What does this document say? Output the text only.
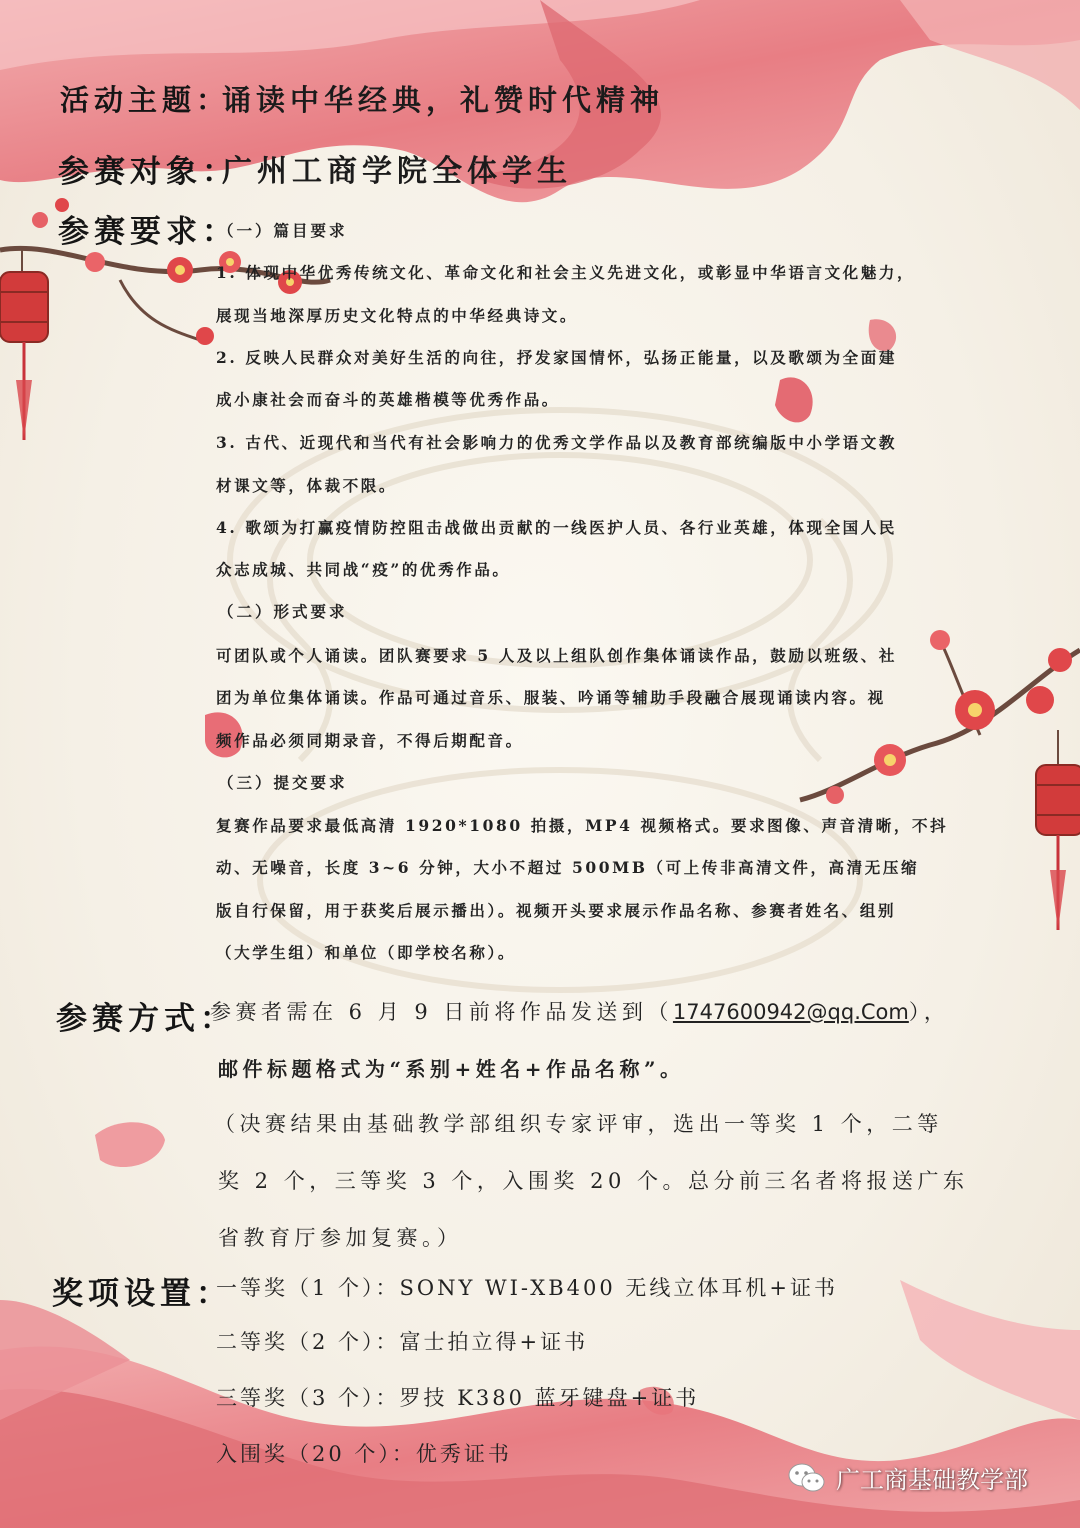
活动主题：

诵读中华经典，礼赞时代精神

参赛对象：

广州工商学院全体学生

参赛要求：

（一）篇目要求

1. 体现中华优秀传统文化、革命文化和社会主义先进文化，或彰显中华语言文化魅力，

展现当地深厚历史文化特点的中华经典诗文。

2. 反映人民群众对美好生活的向往，抒发家国情怀，弘扬正能量，以及歌颂为全面建

成小康社会而奋斗的英雄楷模等优秀作品。

3. 古代、近现代和当代有社会影响力的优秀文学作品以及教育部统编版中小学语文教

材课文等，体裁不限。

4. 歌颂为打赢疫情防控阻击战做出贡献的一线医护人员、各行业英雄，体现全国人民

众志成城、共同战“疫”的优秀作品。

（二）形式要求

可团队或个人诵读。团队赛要求 5 人及以上组队创作集体诵读作品，鼓励以班级、社

团为单位集体诵读。作品可通过音乐、服装、吟诵等辅助手段融合展现诵读内容。视

频作品必须同期录音，不得后期配音。

（三）提交要求

复赛作品要求最低高清 1920*1080 拍摄，MP4 视频格式。要求图像、声音清晰，不抖

动、无噪音，长度 3~6 分钟，大小不超过 500MB（可上传非高清文件，高清无压缩

版自行保留，用于获奖后展示播出）。视频开头要求展示作品名称、参赛者姓名、组别

（大学生组）和单位（即学校名称）。

参赛方式：

参赛者需在 6 月 9 日前将作品发送到（1747600942@qq.Com），

邮件标题格式为“系别+姓名+作品名称”。

（决赛结果由基础教学部组织专家评审，选出一等奖 1 个，二等

奖 2 个，三等奖 3 个，入围奖 20 个。总分前三名者将报送广东

省教育厅参加复赛。）

奖项设置：

一等奖（1 个）：SONY WI-XB400 无线立体耳机+证书

二等奖（2 个）：富士拍立得+证书

三等奖（3 个）：罗技 K380 蓝牙键盘+证书

入围奖（20 个）：优秀证书

广工商基础教学部
